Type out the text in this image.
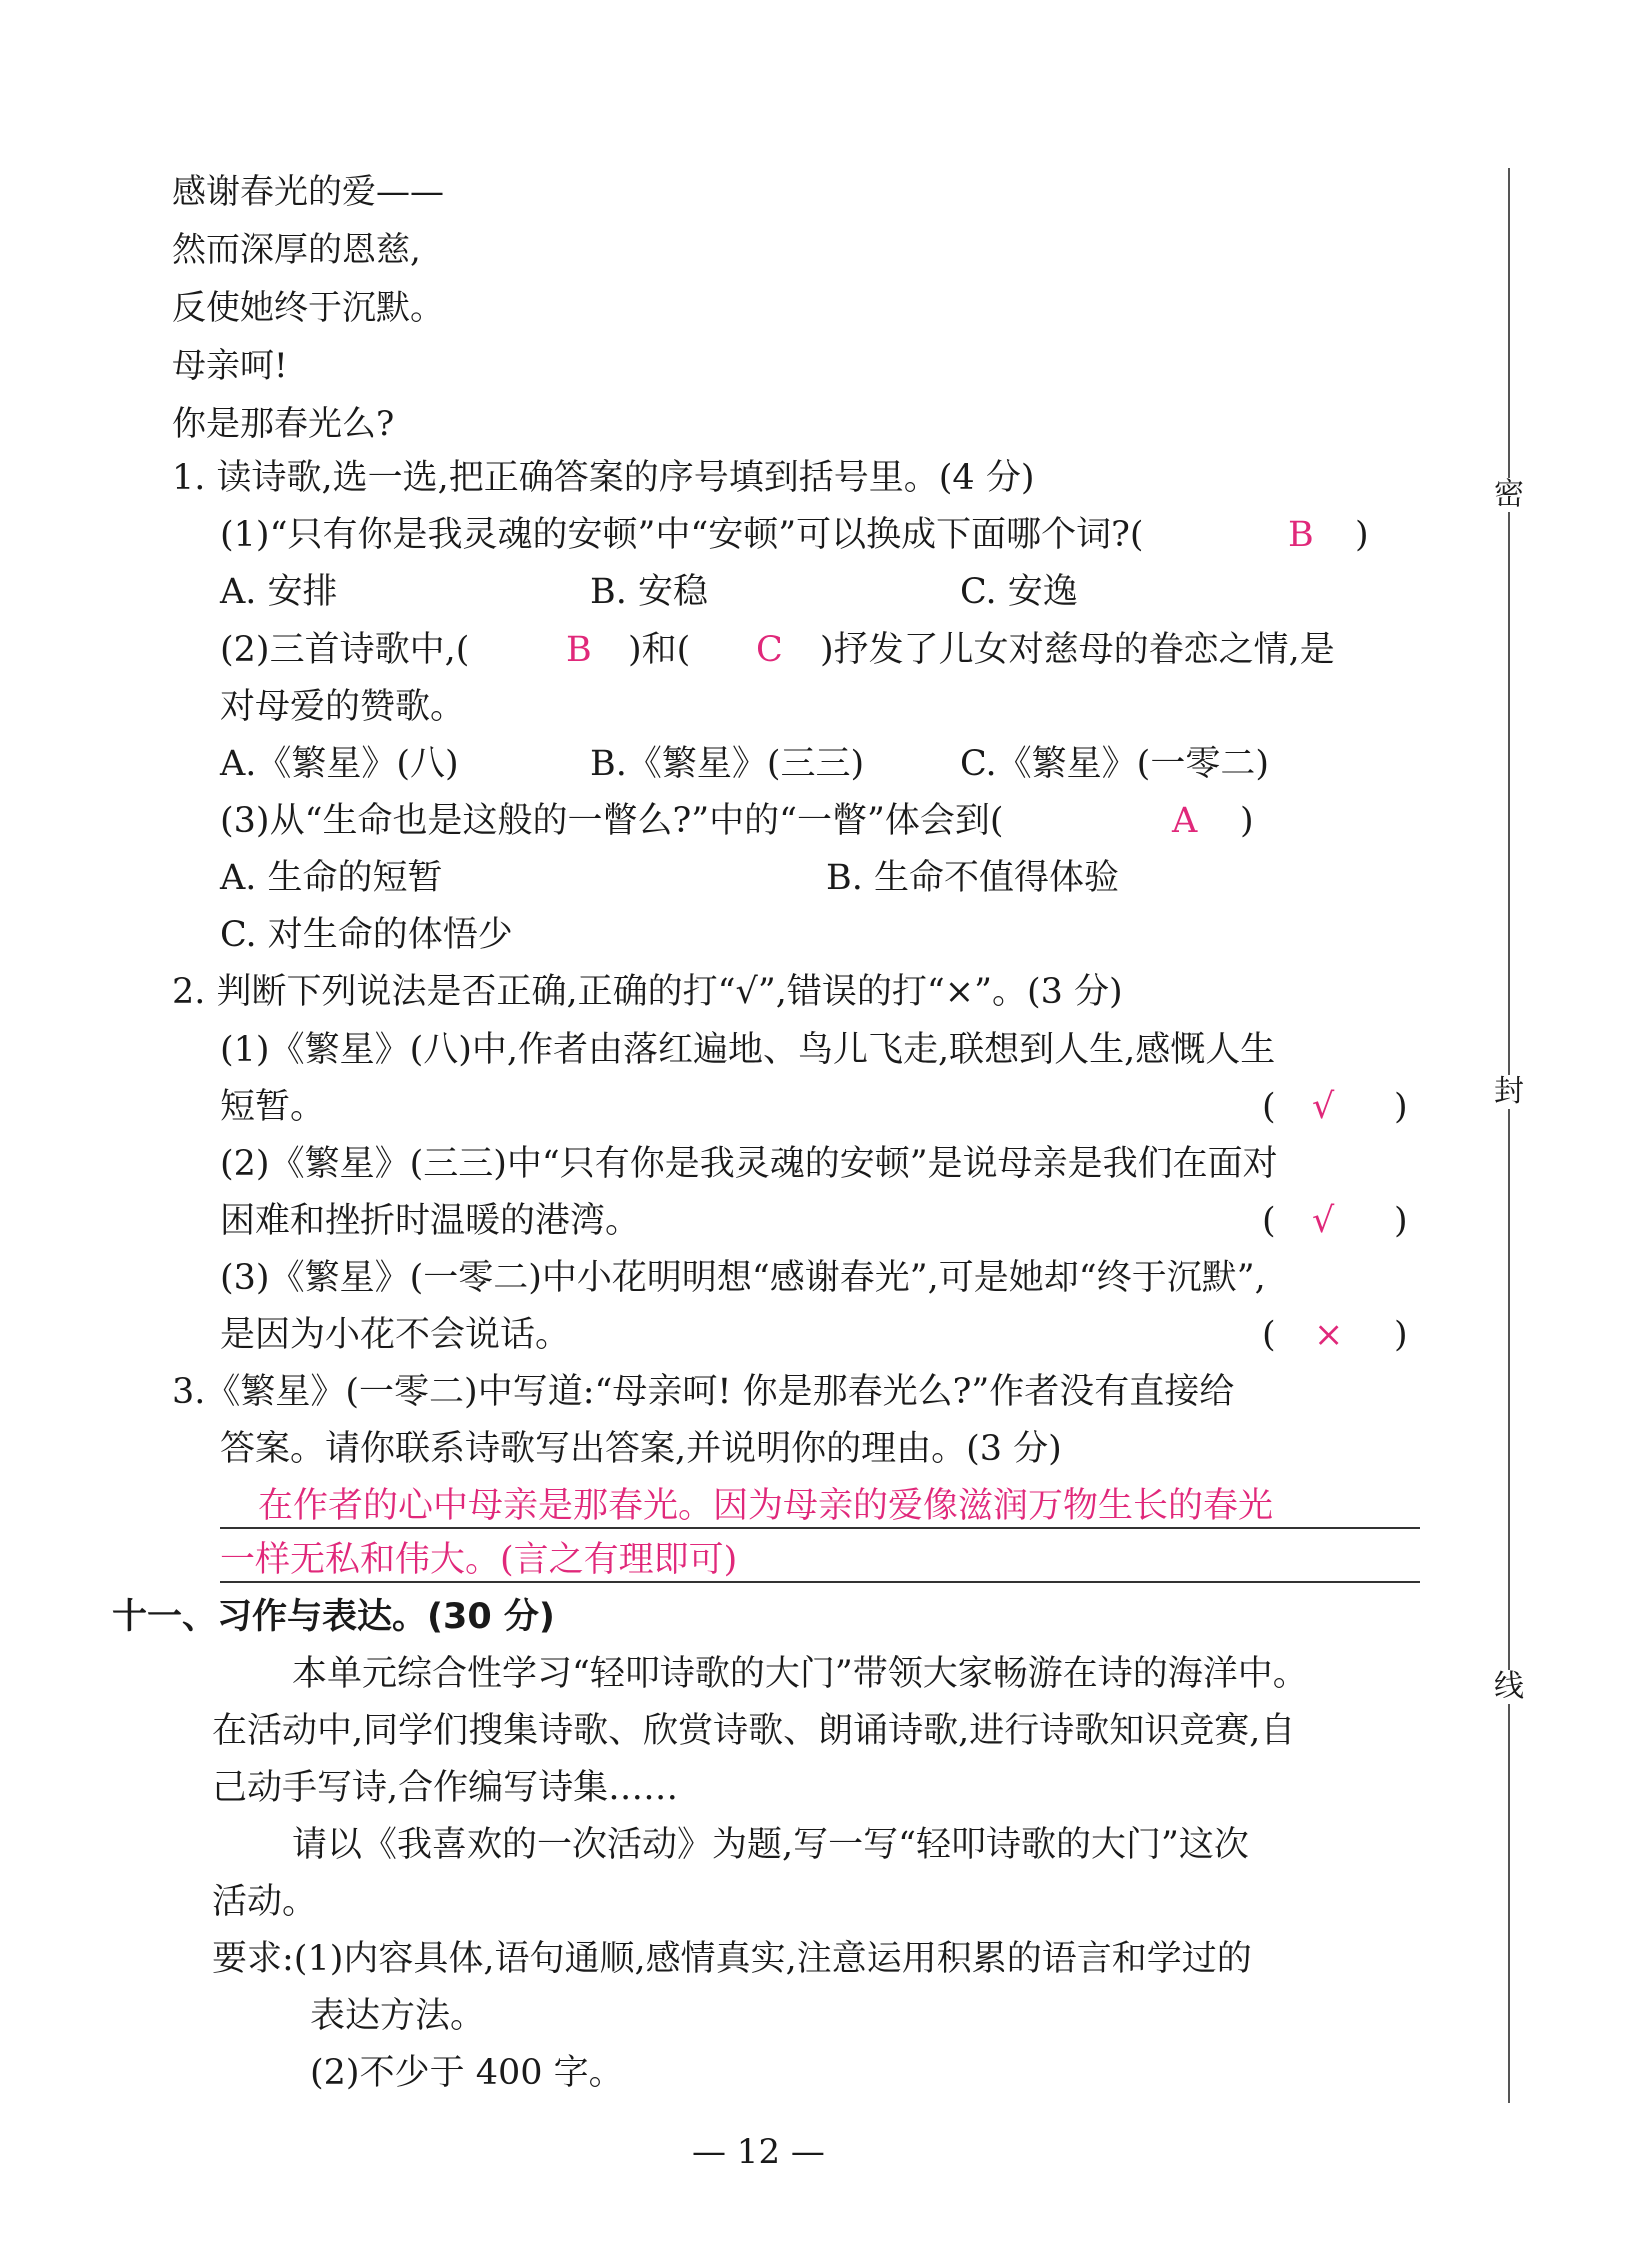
密
封
线
感谢春光的爱——
然而深厚的恩慈,
反使她终于沉默。
母亲呵!
你是那春光么?
1. 读诗歌,选一选,把正确答案的序号填到括号里。(4 分)
(1)“只有你是我灵魂的安顿”中“安顿”可以换成下面哪个词?(	B )
A. 安排	B. 安稳	C. 安逸
(2)三首诗歌中,(	B )和( C )抒发了儿女对慈母的眷恋之情,是
对母爱的赞歌。
A.《繁星》(八)	B.《繁星》(三三)	C.《繁星》(一零二)
(3)从“生命也是这般的一瞥么?”中的“一瞥”体会到(	A )
A. 生命的短暂	B. 生命不值得体验
C. 对生命的体悟少
2. 判断下列说法是否正确,正确的打“√”,错误的打“×”。(3 分)
(1)《繁星》(八)中,作者由落红遍地、鸟儿飞走,联想到人生,感慨人生
短暂。	( √ )
(2)《繁星》(三三)中“只有你是我灵魂的安顿”是说母亲是我们在面对
困难和挫折时温暖的港湾。	( √ )
(3)《繁星》(一零二)中小花明明想“感谢春光”,可是她却“终于沉默”,
是因为小花不会说话。	( × )
3.《繁星》(一零二)中写道:“母亲呵! 你是那春光么?”作者没有直接给
答案。请你联系诗歌写出答案,并说明你的理由。(3 分)
在作者的心中母亲是那春光。因为母亲的爱像滋润万物生长的春光
一样无私和伟大。(言之有理即可)
十一、习作与表达。(30 分)
本单元综合性学习“轻叩诗歌的大门”带领大家畅游在诗的海洋中。
在活动中,同学们搜集诗歌、欣赏诗歌、朗诵诗歌,进行诗歌知识竞赛,自
己动手写诗,合作编写诗集……
请以《我喜欢的一次活动》为题,写一写“轻叩诗歌的大门”这次
活动。
要求:(1)内容具体,语句通顺,感情真实,注意运用积累的语言和学过的
表达方法。
(2)不少于 400 字。
— 12 —
